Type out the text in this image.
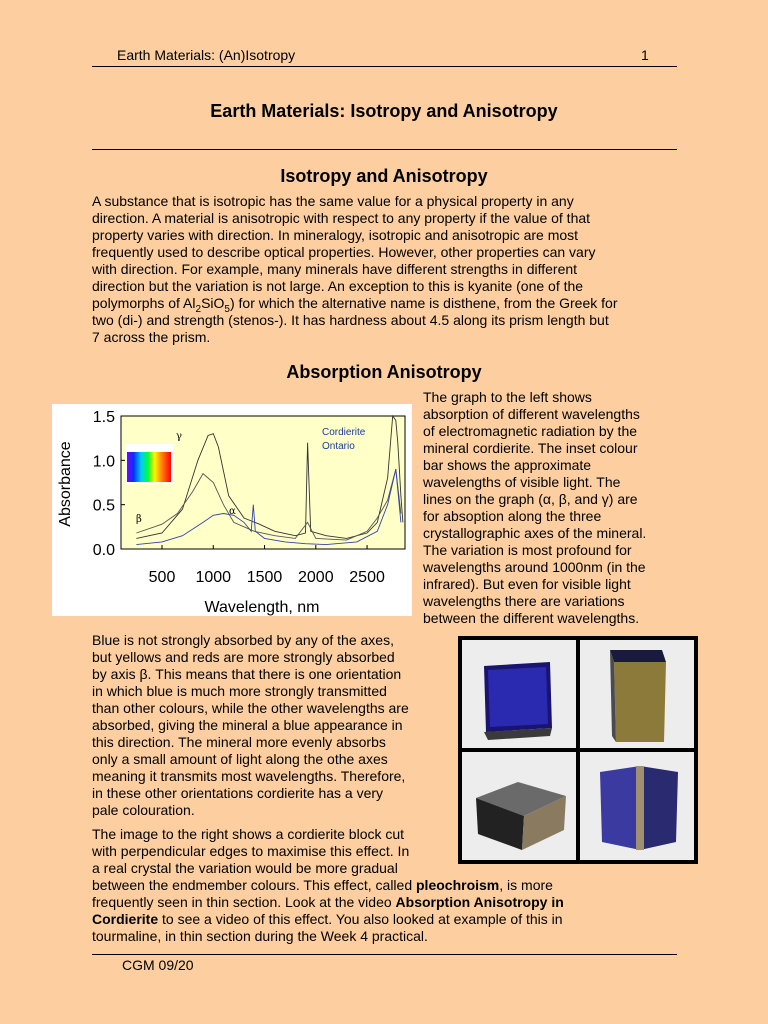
Earth Materials: (An)Isotropy	1
Earth Materials: Isotropy and Anisotropy
Isotropy and Anisotropy

A substance that is isotropic has the same value for a physical property in any

direction. A material is anisotropic with respect to any property if the value of that

property varies with direction. In mineralogy, isotropic and anisotropic are most

frequently used to describe optical properties. However, other properties can vary

with direction. For example, many minerals have different strengths in different

direction but the variation is not large. An exception to this is kyanite (one of the

polymorphs of $Al_2SiO_5$) for which the alternative name is disthene, from the Greek for

two (di-) and strength (stenos-). It has hardness about 4.5 along its prism length but

7 across the prism.

Absorption Anisotropy
500 1000 1500 2000 2500
0.0
0.5
1.0
1.5
Wavelength, nm
Absorbance
Cordierite
Ontario
γ
β
α

The graph to the left shows

absorption of different wavelengths

of electromagnetic radiation by the

mineral cordierite. The inset colour

bar shows the approximate

wavelengths of visible light. The

lines on the graph (α, β, and γ) are

for absoption along the three

crystallographic axes of the mineral.

The variation is most profound for

wavelengths around 1000nm (in the

infrared). But even for visible light

wavelengths there are variations

between the different wavelengths.

Blue is not strongly absorbed by any of the axes,

but yellows and reds are more strongly absorbed

by axis β. This means that there is one orientation

in which blue is much more strongly transmitted

than other colours, while the other wavelengths are

absorbed, giving the mineral a blue appearance in

this direction. The mineral more evenly absorbs

only a small amount of light along the othe axes

meaning it transmits most wavelengths. Therefore,

in these other orientations cordierite has a very

pale colouration.

The image to the right shows a cordierite block cut

with perpendicular edges to maximise this effect. In

a real crystal the variation would be more gradual

between the endmember colours. This effect, called pleochroism, is more

frequently seen in thin section. Look at the video Absorption Anisotropy in

Cordierite to see a video of this effect. You also looked at example of this in

tourmaline, in thin section during the Week 4 practical.

CGM 09/20
